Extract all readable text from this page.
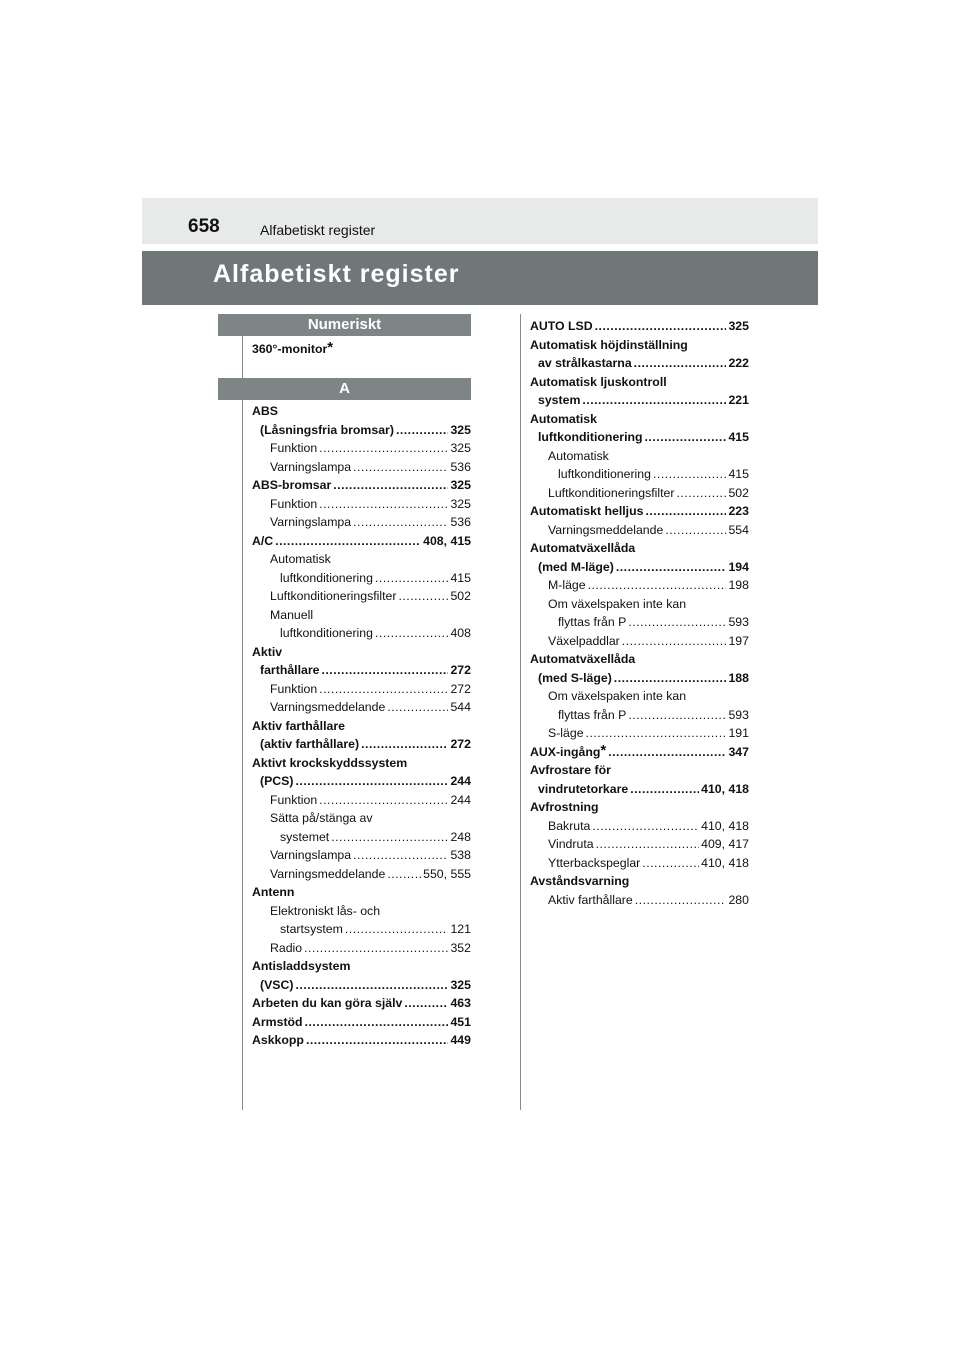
658	Alfabetiskt register
Alfabetiskt register
Numeriskt
360°-monitor*
A
ABS
(Låsningsfria bromsar) .....	325
Funktion .....	325
Varningslampa .....	536
ABS-bromsar .....	325
Funktion .....	325
Varningslampa .....	536
A/C .....	408, 415
Automatisk
luftkonditionering .....	415
Luftkonditioneringsfilter .....	502
Manuell
luftkonditionering .....	408
Aktiv
farthållare .....	272
Funktion .....	272
Varningsmeddelande .....	544
Aktiv farthållare
(aktiv farthållare) .....	272
Aktivt krockskyddssystem
(PCS) .....	244
Funktion .....	244
Sätta på/stänga av
systemet .....	248
Varningslampa .....	538
Varningsmeddelande .....	550, 555
Antenn
Elektroniskt lås- och
startsystem .....	121
Radio .....	352
Antisladdsystem
(VSC) .....	325
Arbeten du kan göra själv .....	463
Armstöd .....	451
Askkopp .....	449
AUTO LSD .....	325
Automatisk höjdinställning
av strålkastarna .....	222
Automatisk ljuskontroll
system .....	221
Automatisk
luftkonditionering .....	415
Automatisk
luftkonditionering .....	415
Luftkonditioneringsfilter .....	502
Automatiskt helljus .....	223
Varningsmeddelande .....	554
Automatväxellåda
(med M-läge) .....	194
M-läge .....	198
Om växelspaken inte kan
flyttas från P .....	593
Växelpaddlar .....	197
Automatväxellåda
(med S-läge) .....	188
Om växelspaken inte kan
flyttas från P .....	593
S-läge .....	191
AUX-ingång* .....	347
Avfrostare för
vindrutetorkare .....	410, 418
Avfrostning
Bakruta .....	410, 418
Vindruta .....	409, 417
Ytterbackspeglar .....	410, 418
Avståndsvarning
Aktiv farthållare .....	280
